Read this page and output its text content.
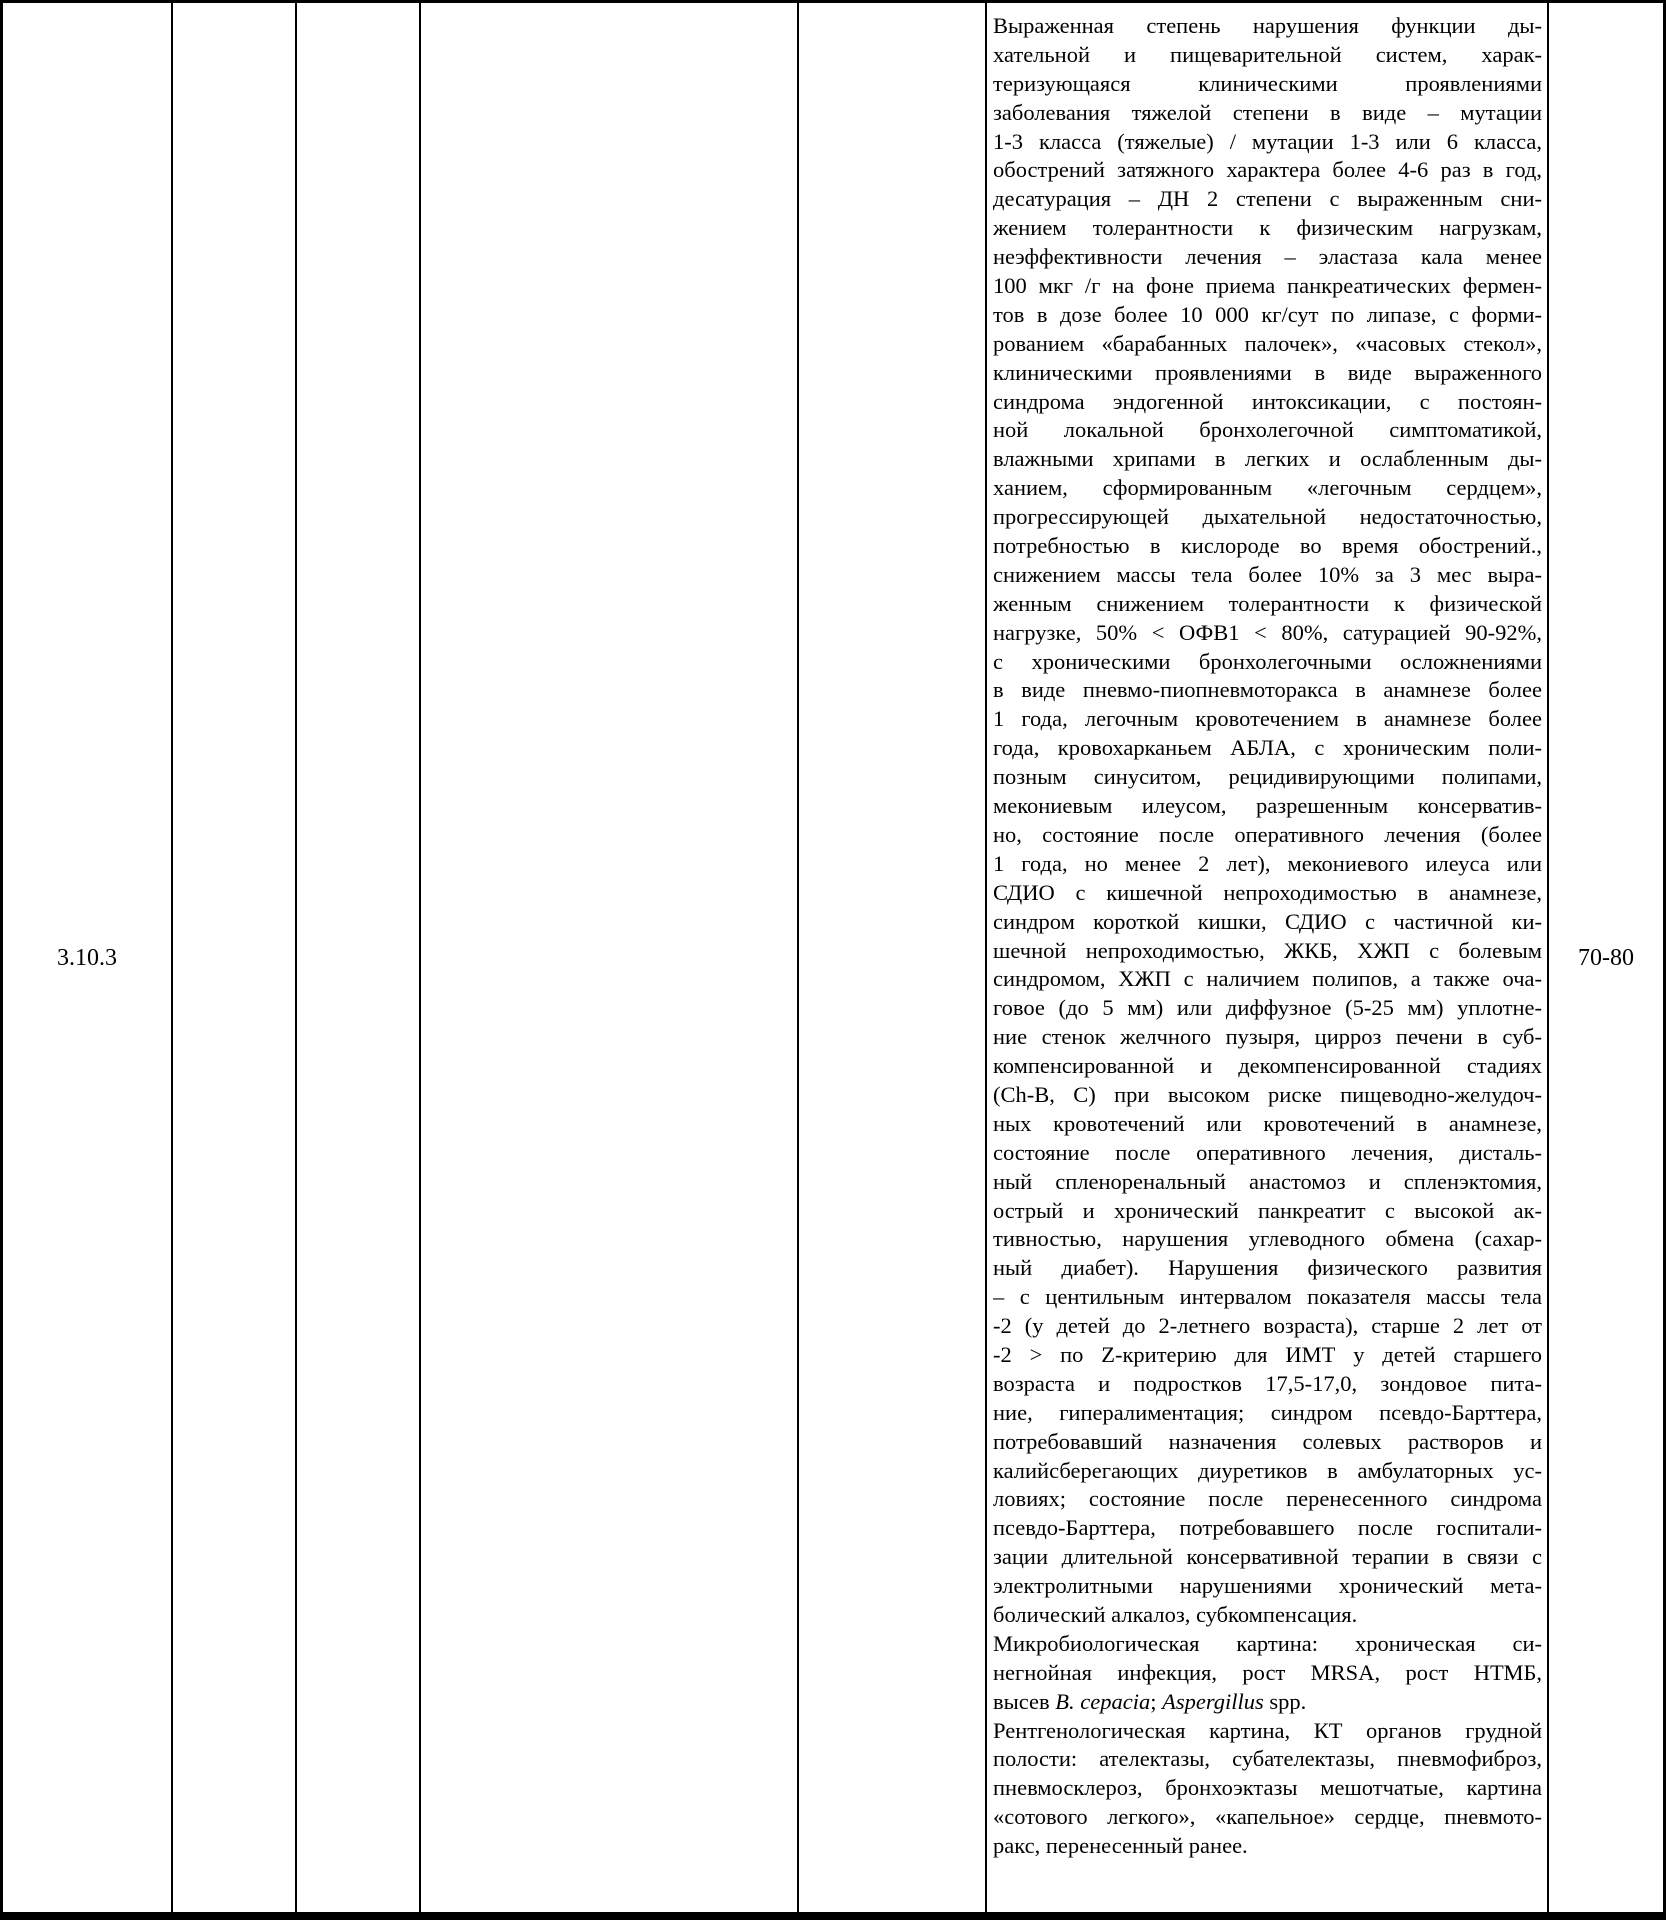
3.10.3
Выраженная степень нарушения функции ды-
хательной и пищеварительной систем, харак-
теризующаяся клиническими проявлениями
заболевания тяжелой степени в виде – мутации
1-3 класса (тяжелые) / мутации 1-3 или 6 класса,
обострений затяжного характера более 4-6 раз в год,
десатурация – ДН 2 степени с выраженным сни-
жением толерантности к физическим нагрузкам,
неэффективности лечения – эластаза кала менее
100 мкг /г на фоне приема панкреатических фермен-
тов в дозе более 10 000 кг/сут по липазе, с форми-
рованием «барабанных палочек», «часовых стекол»,
клиническими проявлениями в виде выраженного
синдрома эндогенной интоксикации, с постоян-
ной локальной бронхолегочной симптоматикой,
влажными хрипами в легких и ослабленным ды-
ханием, сформированным «легочным сердцем»,
прогрессирующей дыхательной недостаточностью,
потребностью в кислороде во время обострений.,
снижением массы тела более 10% за 3 мес выра-
женным снижением толерантности к физической
нагрузке, 50% < ОФВ1 < 80%, сатурацией 90-92%,
с хроническими бронхолегочными осложнениями
в виде пневмо-пиопневмоторакса в анамнезе более
1 года, легочным кровотечением в анамнезе более
года, кровохарканьем АБЛА, с хроническим поли-
позным синуситом, рецидивирующими полипами,
мекониевым илеусом, разрешенным консерватив-
но, состояние после оперативного лечения (более
1 года, но менее 2 лет), мекониевого илеуса или
СДИО с кишечной непроходимостью в анамнезе,
синдром короткой кишки, СДИО с частичной ки-
шечной непроходимостью, ЖКБ, ХЖП с болевым
синдромом, ХЖП с наличием полипов, а также оча-
говое (до 5 мм) или диффузное (5-25 мм) уплотне-
ние стенок желчного пузыря, цирроз печени в суб-
компенсированной и декомпенсированной стадиях
(Ch-B, C) при высоком риске пищеводно-желудоч-
ных кровотечений или кровотечений в анамнезе,
состояние после оперативного лечения, дисталь-
ный спленоренальный анастомоз и спленэктомия,
острый и хронический панкреатит с высокой ак-
тивностью, нарушения углеводного обмена (сахар-
ный диабет). Нарушения физического развития
– с центильным интервалом показателя массы тела
-2 (у детей до 2-летнего возраста), старше 2 лет от
-2 > по Z-критерию для ИМТ у детей старшего
возраста и подростков 17,5-17,0, зондовое пита-
ние, гипералиментация; синдром псевдо-Барттера,
потребовавший назначения солевых растворов и
калийсберегающих диуретиков в амбулаторных ус-
ловиях; состояние после перенесенного синдрома
псевдо-Барттера, потребовавшего после госпитали-
зации длительной консервативной терапии в связи с
электролитными нарушениями хронический мета-
болический алкалоз, субкомпенсация.
Микробиологическая картина: хроническая си-
негнойная инфекция, рост MRSA, рост НТМБ,
высев B. cepacia; Aspergillus spp.
Рентгенологическая картина, КТ органов грудной
полости: ателектазы, субателектазы, пневмофиброз,
пневмосклероз, бронхоэктазы мешотчатые, картина
«сотового легкого», «капельное» сердце, пневмото-
ракс, перенесенный ранее.
70-80
